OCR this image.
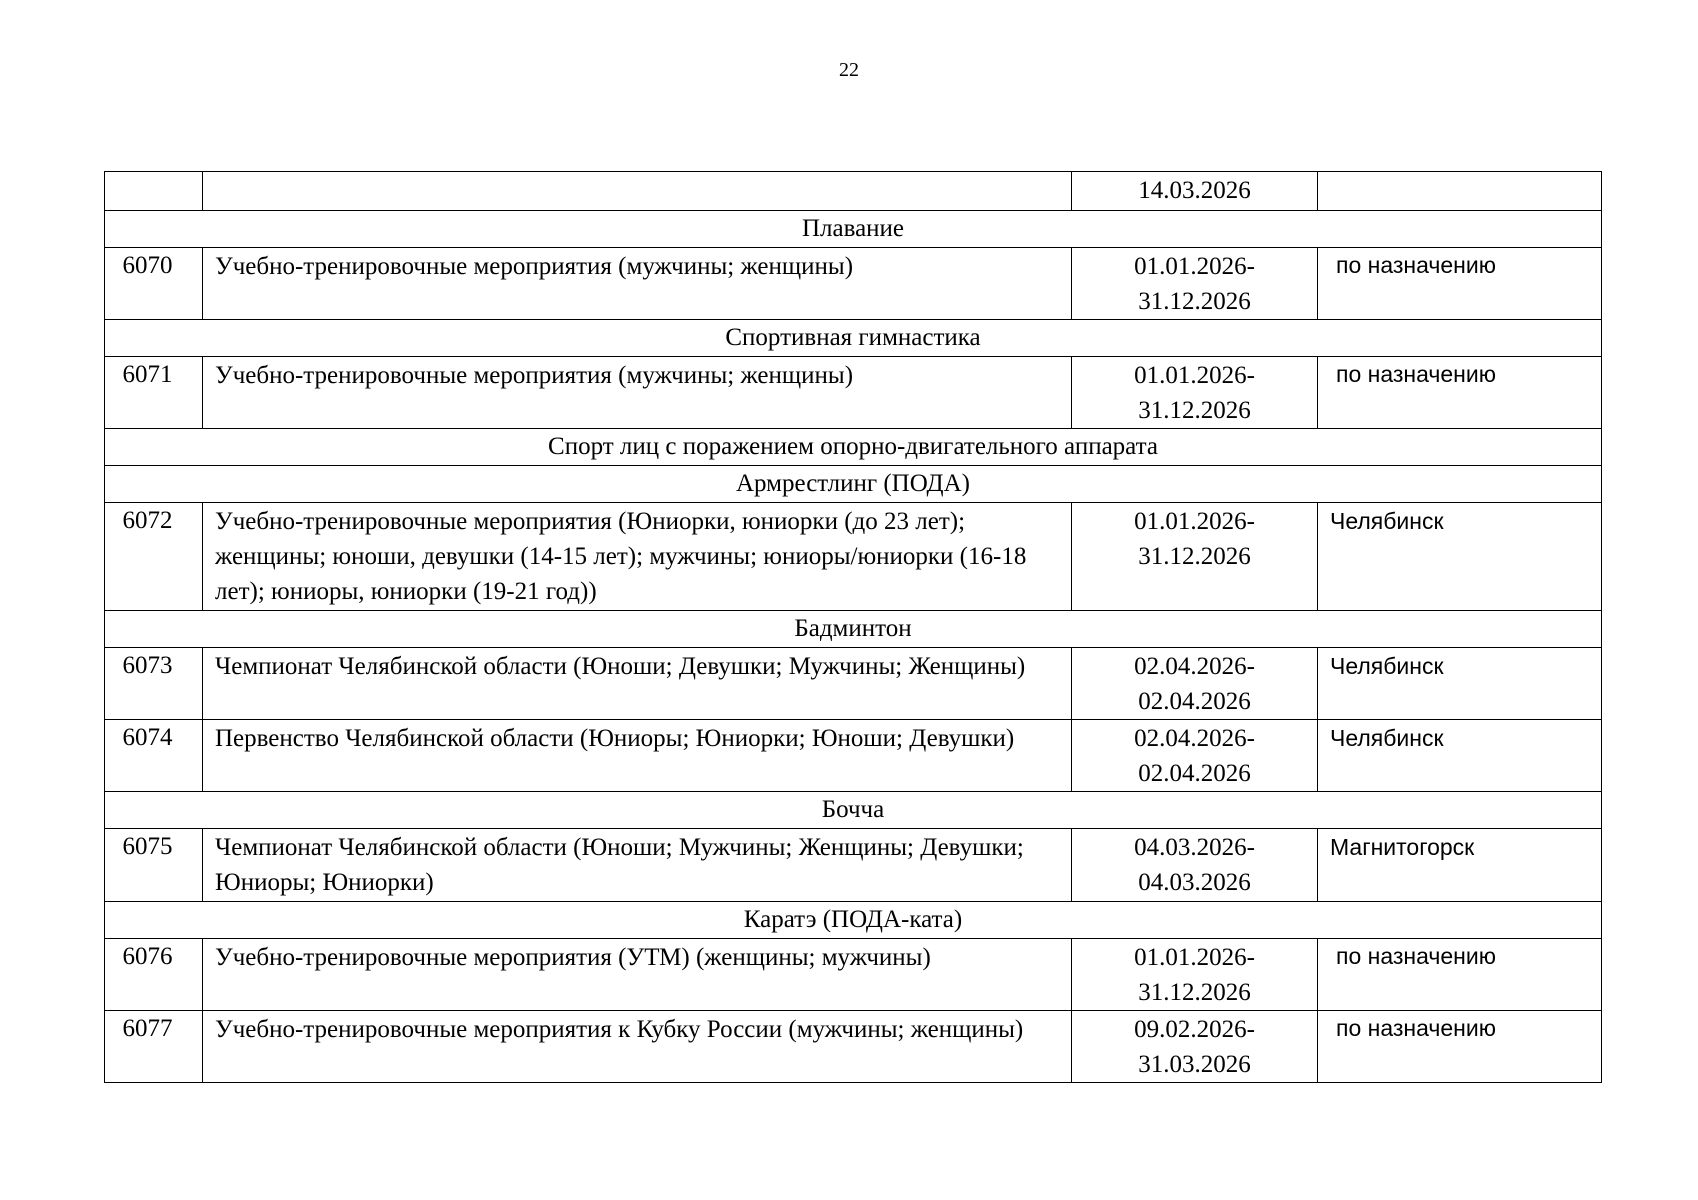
22
		14.03.2026	
Плавание			
6070	Учебно-тренировочные мероприятия (мужчины; женщины)	01.01.2026-
31.12.2026	по назначению
Спортивная гимнастика			
6071	Учебно-тренировочные мероприятия (мужчины; женщины)	01.01.2026-
31.12.2026	по назначению
Спорт лиц с поражением опорно-двигательного аппарата			
Армрестлинг (ПОДА)			
6072	Учебно-тренировочные мероприятия (Юниорки, юниорки (до 23 лет); женщины; юноши, девушки (14-15 лет); мужчины; юниоры/юниорки (16-18 лет); юниоры, юниорки (19-21 год))	01.01.2026-
31.12.2026	Челябинск
Бадминтон			
6073	Чемпионат Челябинской области (Юноши; Девушки; Мужчины; Женщины)	02.04.2026-
02.04.2026	Челябинск
6074	Первенство Челябинской области (Юниоры; Юниорки; Юноши; Девушки)	02.04.2026-
02.04.2026	Челябинск
Бочча			
6075	Чемпионат Челябинской области (Юноши; Мужчины; Женщины; Девушки; Юниоры; Юниорки)	04.03.2026-
04.03.2026	Магнитогорск
Каратэ (ПОДА-ката)			
6076	Учебно-тренировочные мероприятия (УТМ) (женщины; мужчины)	01.01.2026-
31.12.2026	по назначению
6077	Учебно-тренировочные мероприятия к Кубку России (мужчины; женщины)	09.02.2026-
31.03.2026	по назначению
